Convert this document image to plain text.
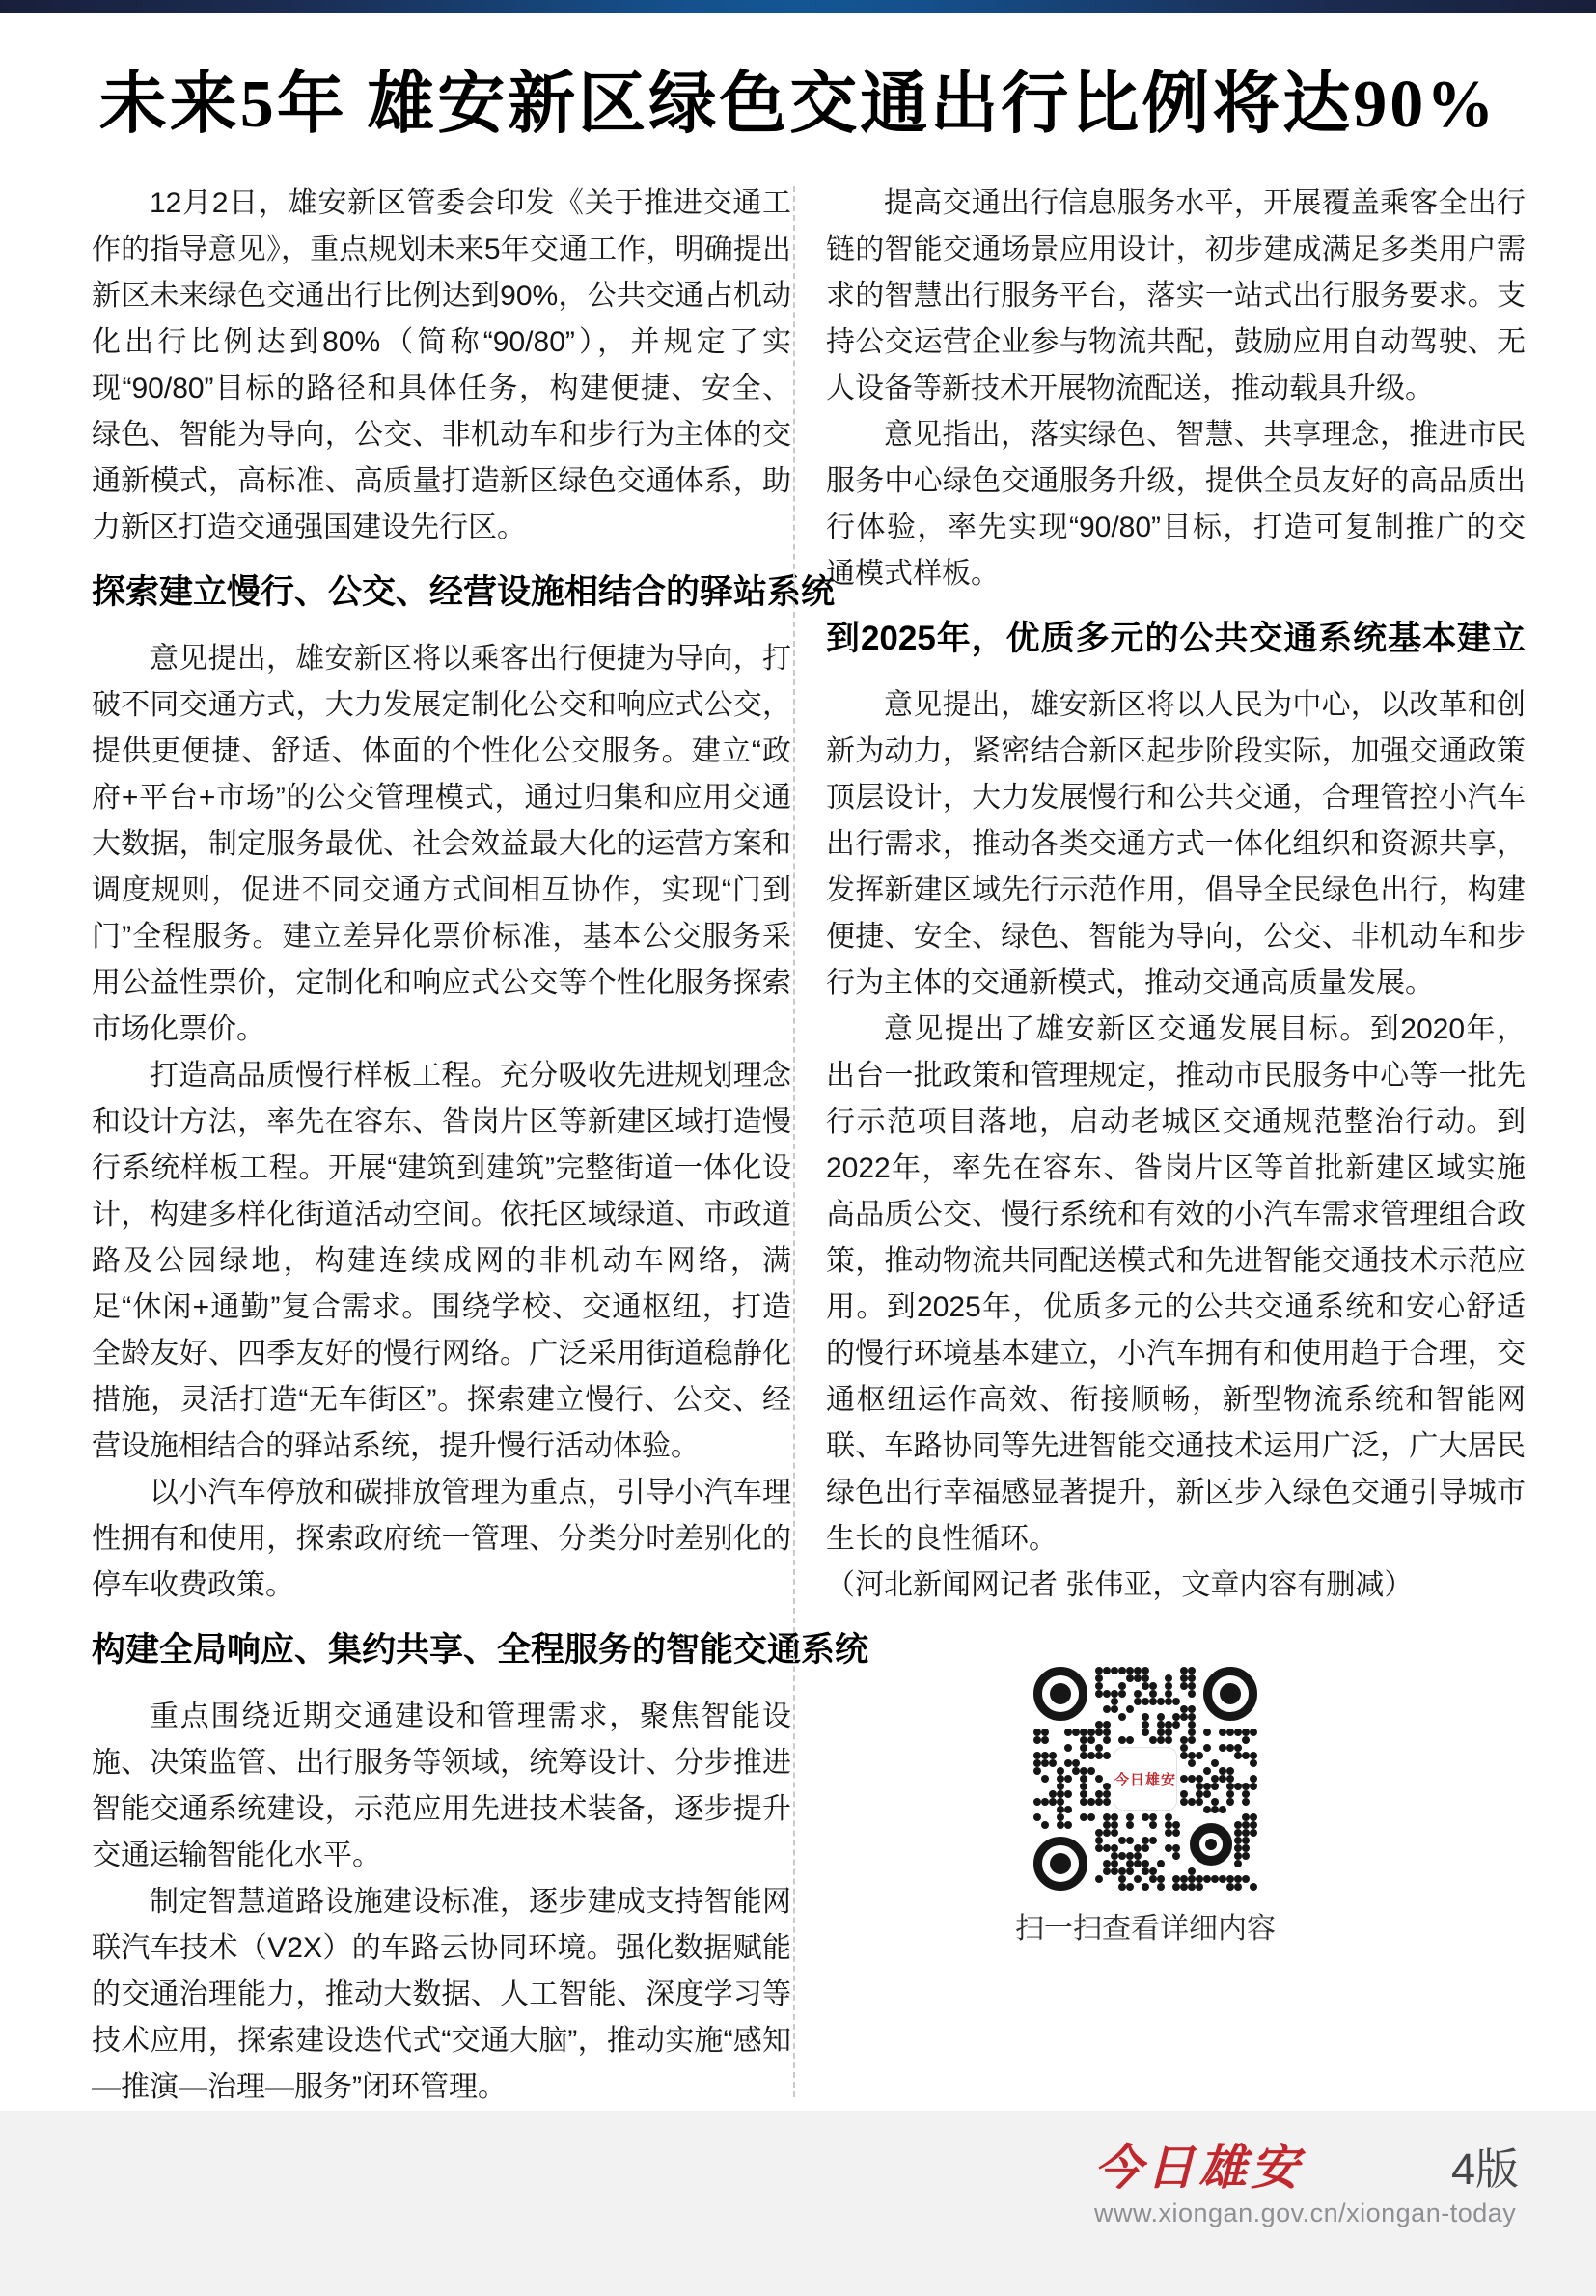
未来5年 雄安新区绿色交通出行比例将达90%

12月2日，雄安新区管委会印发《关于推进交通工作的指导意见》，重点规划未来5年交通工作，明确提出新区未来绿色交通出行比例达到90%，公共交通占机动化出行比例达到80%（简称“90/80”），并规定了实现“90/80”目标的路径和具体任务，构建便捷、安全、绿色、智能为导向，公交、非机动车和步行为主体的交通新模式，高标准、高质量打造新区绿色交通体系，助力新区打造交通强国建设先行区。

探索建立慢行、公交、经营设施相结合的驿站系统

意见提出，雄安新区将以乘客出行便捷为导向，打破不同交通方式，大力发展定制化公交和响应式公交，提供更便捷、舒适、体面的个性化公交服务。建立“政府+平台+市场”的公交管理模式，通过归集和应用交通大数据，制定服务最优、社会效益最大化的运营方案和调度规则，促进不同交通方式间相互协作，实现“门到门”全程服务。建立差异化票价标准，基本公交服务采用公益性票价，定制化和响应式公交等个性化服务探索市场化票价。

打造高品质慢行样板工程。充分吸收先进规划理念和设计方法，率先在容东、昝岗片区等新建区域打造慢行系统样板工程。开展“建筑到建筑”完整街道一体化设计，构建多样化街道活动空间。依托区域绿道、市政道路及公园绿地，构建连续成网的非机动车网络，满足“休闲+通勤”复合需求。围绕学校、交通枢纽，打造全龄友好、四季友好的慢行网络。广泛采用街道稳静化措施，灵活打造“无车街区”。探索建立慢行、公交、经营设施相结合的驿站系统，提升慢行活动体验。

以小汽车停放和碳排放管理为重点，引导小汽车理性拥有和使用，探索政府统一管理、分类分时差别化的停车收费政策。

构建全局响应、集约共享、全程服务的智能交通系统

重点围绕近期交通建设和管理需求，聚焦智能设施、决策监管、出行服务等领域，统筹设计、分步推进智能交通系统建设，示范应用先进技术装备，逐步提升交通运输智能化水平。

制定智慧道路设施建设标准，逐步建成支持智能网联汽车技术（V2X）的车路云协同环境。强化数据赋能的交通治理能力，推动大数据、人工智能、深度学习等技术应用，探索建设迭代式“交通大脑”，推动实施“感知—推演—治理—服务”闭环管理。

提高交通出行信息服务水平，开展覆盖乘客全出行链的智能交通场景应用设计，初步建成满足多类用户需求的智慧出行服务平台，落实一站式出行服务要求。支持公交运营企业参与物流共配，鼓励应用自动驾驶、无人设备等新技术开展物流配送，推动载具升级。

意见指出，落实绿色、智慧、共享理念，推进市民服务中心绿色交通服务升级，提供全员友好的高品质出行体验，率先实现“90/80”目标，打造可复制推广的交通模式样板。

到2025年，优质多元的公共交通系统基本建立

意见提出，雄安新区将以人民为中心，以改革和创新为动力，紧密结合新区起步阶段实际，加强交通政策顶层设计，大力发展慢行和公共交通，合理管控小汽车出行需求，推动各类交通方式一体化组织和资源共享，发挥新建区域先行示范作用，倡导全民绿色出行，构建便捷、安全、绿色、智能为导向，公交、非机动车和步行为主体的交通新模式，推动交通高质量发展。

意见提出了雄安新区交通发展目标。到2020年，出台一批政策和管理规定，推动市民服务中心等一批先行示范项目落地，启动老城区交通规范整治行动。到2022年，率先在容东、昝岗片区等首批新建区域实施高品质公交、慢行系统和有效的小汽车需求管理组合政策，推动物流共同配送模式和先进智能交通技术示范应用。到2025年，优质多元的公共交通系统和安心舒适的慢行环境基本建立，小汽车拥有和使用趋于合理，交通枢纽运作高效、衔接顺畅，新型物流系统和智能网联、车路协同等先进智能交通技术运用广泛，广大居民绿色出行幸福感显著提升，新区步入绿色交通引导城市生长的良性循环。

（河北新闻网记者 张伟亚，文章内容有删减）

今日雄安
扫一扫查看详细内容
今日雄安	4版
www.xiongan.gov.cn/xiongan-today
